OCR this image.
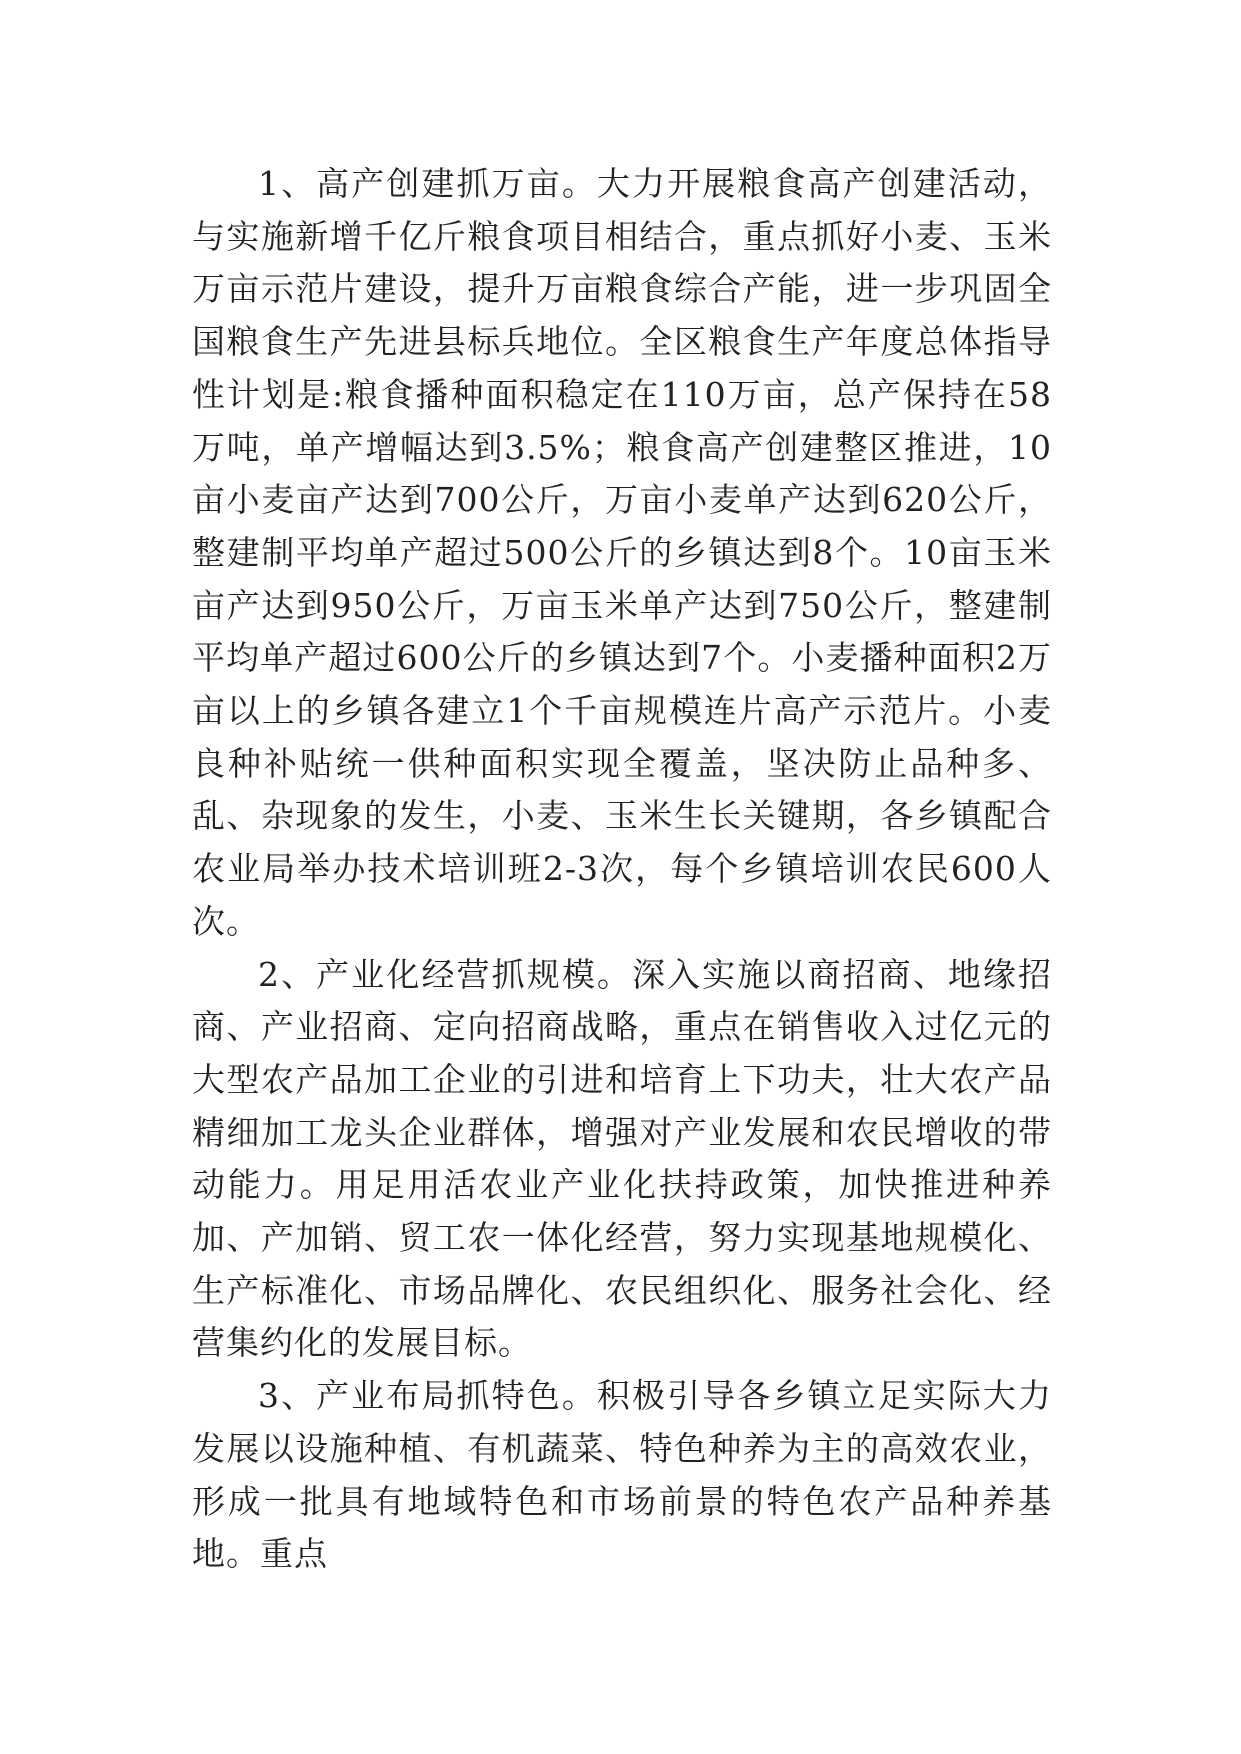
1、高产创建抓万亩。大力开展粮食高产创建活动，与实施新增千亿斤粮食项目相结合，重点抓好小麦、玉米万亩示范片建设，提升万亩粮食综合产能，进一步巩固全国粮食生产先进县标兵地位。全区粮食生产年度总体指导性计划是:粮食播种面积稳定在110万亩，总产保持在58万吨，单产增幅达到3.5%；粮食高产创建整区推进，10亩小麦亩产达到700公斤，万亩小麦单产达到620公斤，整建制平均单产超过500公斤的乡镇达到8个。10亩玉米亩产达到950公斤，万亩玉米单产达到750公斤，整建制平均单产超过600公斤的乡镇达到7个。小麦播种面积2万亩以上的乡镇各建立1个千亩规模连片高产示范片。小麦良种补贴统一供种面积实现全覆盖，坚决防止品种多、乱、杂现象的发生，小麦、玉米生长关键期，各乡镇配合农业局举办技术培训班2-3次，每个乡镇培训农民600人次。

2、产业化经营抓规模。深入实施以商招商、地缘招商、产业招商、定向招商战略，重点在销售收入过亿元的大型农产品加工企业的引进和培育上下功夫，壮大农产品精细加工龙头企业群体，增强对产业发展和农民增收的带动能力。用足用活农业产业化扶持政策，加快推进种养加、产加销、贸工农一体化经营，努力实现基地规模化、生产标准化、市场品牌化、农民组织化、服务社会化、经营集约化的发展目标。

3、产业布局抓特色。积极引导各乡镇立足实际大力发展以设施种植、有机蔬菜、特色种养为主的高效农业，形成一批具有地域特色和市场前景的特色农产品种养基地。重点
